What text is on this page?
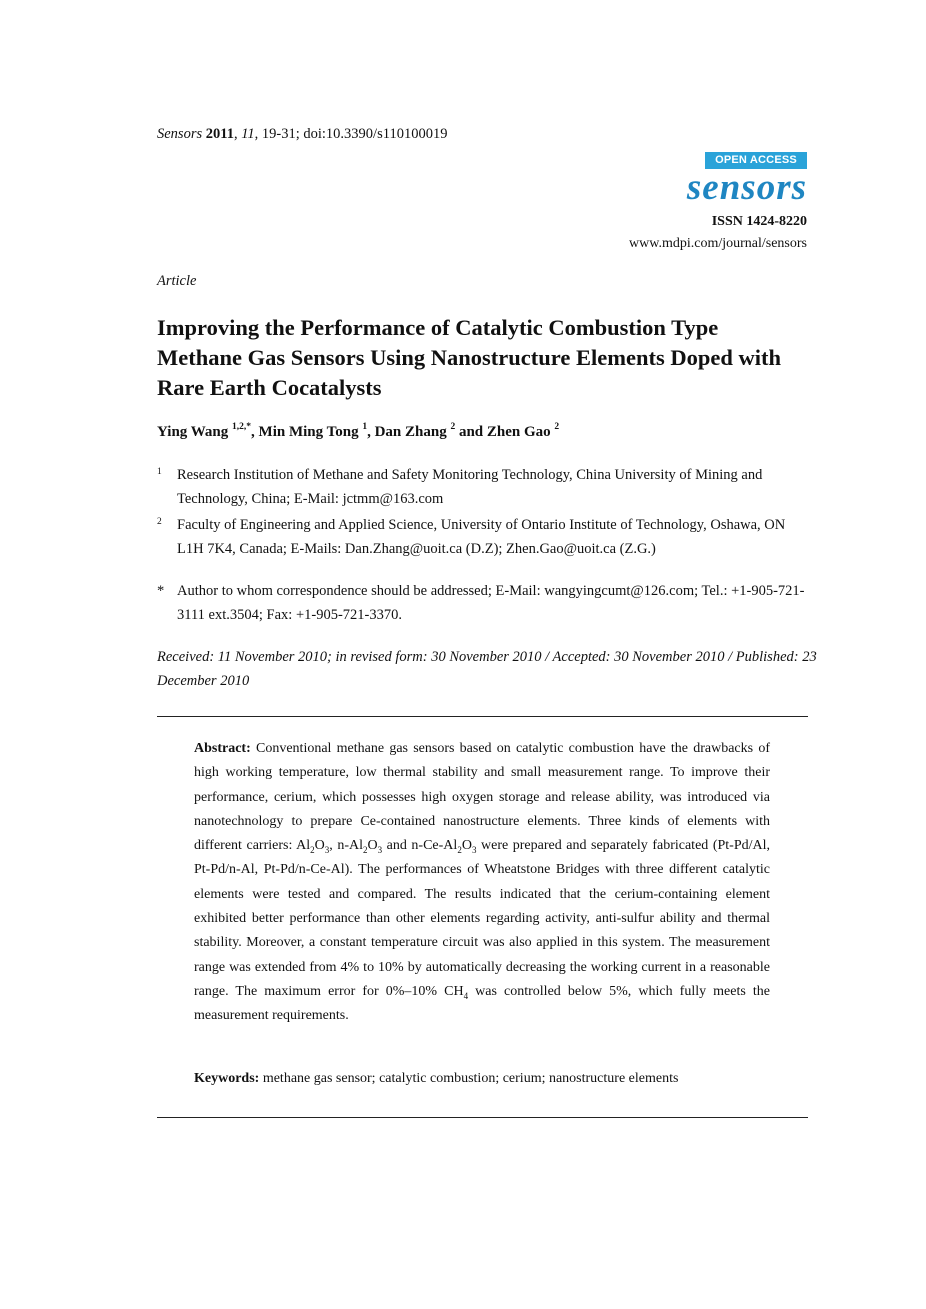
Sensors 2011, 11, 19-31; doi:10.3390/s110100019
OPEN ACCESS
sensors
ISSN 1424-8220
www.mdpi.com/journal/sensors
Article
Improving the Performance of Catalytic Combustion Type Methane Gas Sensors Using Nanostructure Elements Doped with Rare Earth Cocatalysts
Ying Wang $^{1,2,*}$, Min Ming Tong $^1$, Dan Zhang $^2$ and Zhen Gao $^2$
1 Research Institution of Methane and Safety Monitoring Technology, China University of Mining and Technology, China; E-Mail: jctmm@163.com
2 Faculty of Engineering and Applied Science, University of Ontario Institute of Technology, Oshawa, ON L1H 7K4, Canada; E-Mails: Dan.Zhang@uoit.ca (D.Z); Zhen.Gao@uoit.ca (Z.G.)
* Author to whom correspondence should be addressed; E-Mail: wangyingcumt@126.com; Tel.: +1-905-721-3111 ext.3504; Fax: +1-905-721-3370.
Received: 11 November 2010; in revised form: 30 November 2010 / Accepted: 30 November 2010 / Published: 23 December 2010

Abstract: Conventional methane gas sensors based on catalytic combustion have the drawbacks of high working temperature, low thermal stability and small measurement range. To improve their performance, cerium, which possesses high oxygen storage and release ability, was introduced via nanotechnology to prepare Ce-contained nanostructure elements. Three kinds of elements with different carriers: $Al_2O_3$, $n-Al_2O_3$ and $n-Ce-Al_2O_3$ were prepared and separately fabricated (Pt-Pd/Al, Pt-Pd/n-Al, Pt-Pd/n-Ce-Al). The performances of Wheatstone Bridges with three different catalytic elements were tested and compared. The results indicated that the cerium-containing element exhibited better performance than other elements regarding activity, anti-sulfur ability and thermal stability. Moreover, a constant temperature circuit was also applied in this system. The measurement range was extended from 4% to 10% by automatically decreasing the working current in a reasonable range. The maximum error for 0%–10% $CH_4$ was controlled below 5%, which fully meets the measurement requirements.

Keywords: methane gas sensor; catalytic combustion; cerium; nanostructure elements
